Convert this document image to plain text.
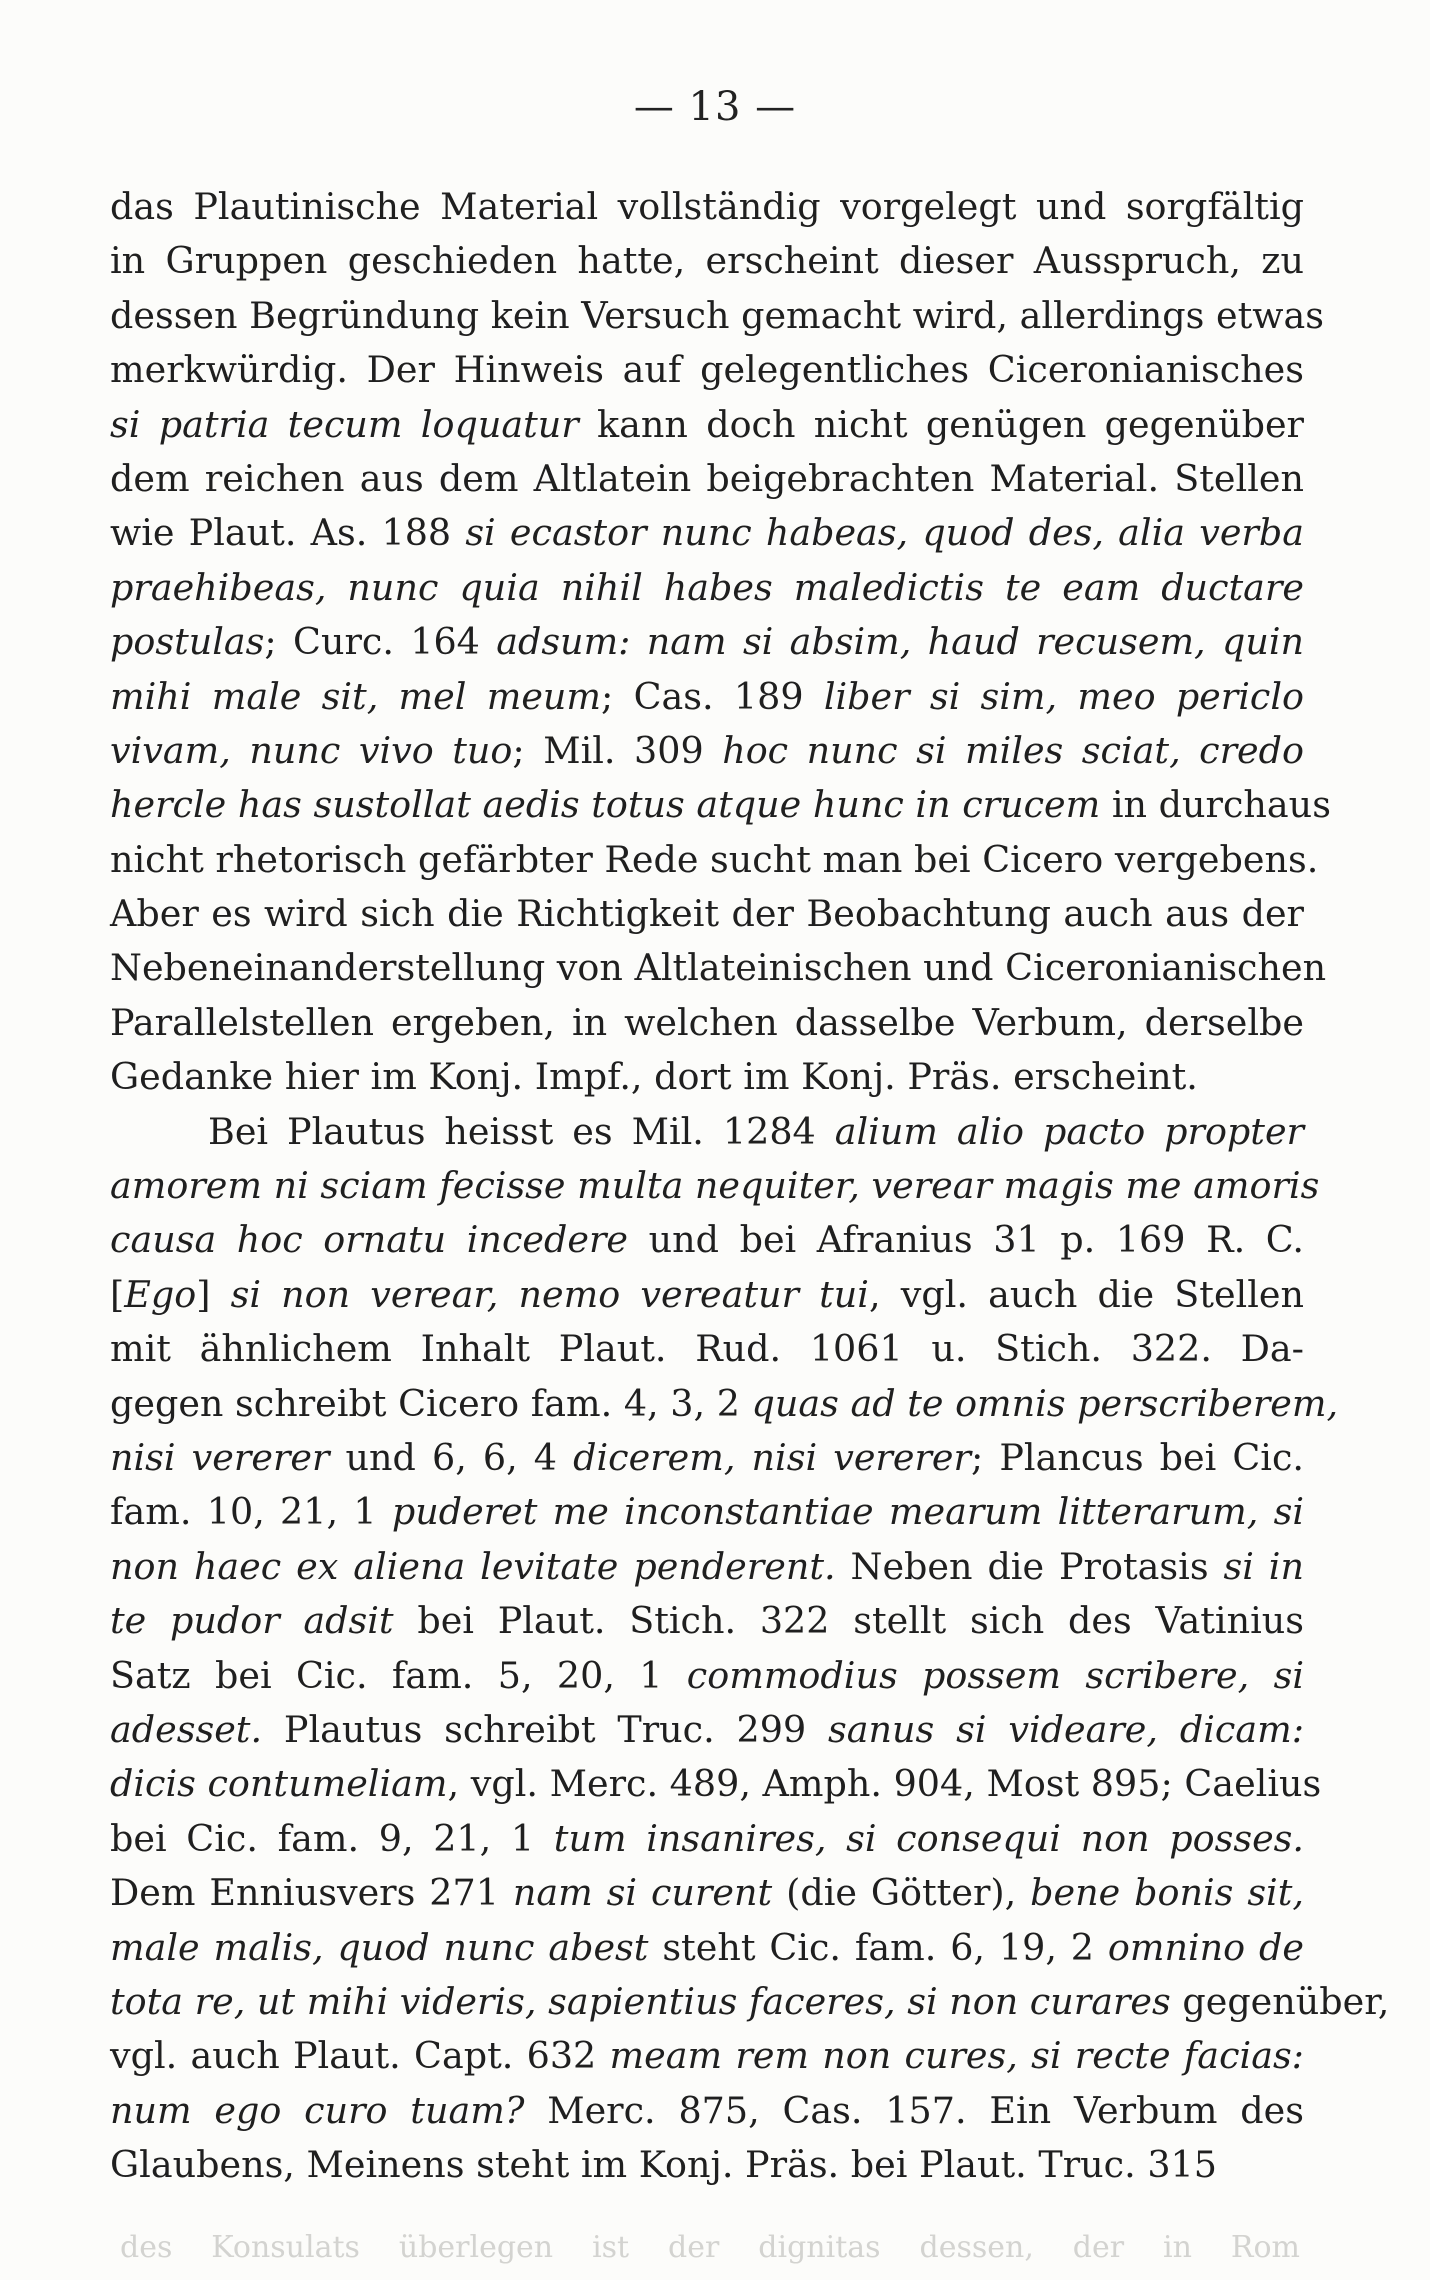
— 13 —
das Plautinische Material vollständig vorgelegt und sorgfältig
in Gruppen geschieden hatte, erscheint dieser Ausspruch, zu
dessen Begründung kein Versuch gemacht wird, allerdings etwas
merkwürdig. Der Hinweis auf gelegentliches Ciceronianisches
si patria tecum loquatur kann doch nicht genügen gegenüber
dem reichen aus dem Altlatein beigebrachten Material. Stellen
wie Plaut. As. 188 si ecastor nunc habeas, quod des, alia verba
praehibeas, nunc quia nihil habes maledictis te eam ductare
postulas; Curc. 164 adsum: nam si absim, haud recusem, quin
mihi male sit, mel meum; Cas. 189 liber si sim, meo periclo
vivam, nunc vivo tuo; Mil. 309 hoc nunc si miles sciat, credo
hercle has sustollat aedis totus atque hunc in crucem in durchaus
nicht rhetorisch gefärbter Rede sucht man bei Cicero vergebens.
Aber es wird sich die Richtigkeit der Beobachtung auch aus der
Nebeneinanderstellung von Altlateinischen und Ciceronianischen
Parallelstellen ergeben, in welchen dasselbe Verbum, derselbe
Gedanke hier im Konj. Impf., dort im Konj. Präs. erscheint.
Bei Plautus heisst es Mil. 1284 alium alio pacto propter
amorem ni sciam fecisse multa nequiter, verear magis me amoris
causa hoc ornatu incedere und bei Afranius 31 p. 169 R. C.
[Ego] si non verear, nemo vereatur tui, vgl. auch die Stellen
mit ähnlichem Inhalt Plaut. Rud. 1061 u. Stich. 322. Da-
gegen schreibt Cicero fam. 4, 3, 2 quas ad te omnis perscriberem,
nisi vererer und 6, 6, 4 dicerem, nisi vererer; Plancus bei Cic.
fam. 10, 21, 1 puderet me inconstantiae mearum litterarum, si
non haec ex aliena levitate penderent. Neben die Protasis si in
te pudor adsit bei Plaut. Stich. 322 stellt sich des Vatinius
Satz bei Cic. fam. 5, 20, 1 commodius possem scribere, si
adesset. Plautus schreibt Truc. 299 sanus si videare, dicam:
dicis contumeliam, vgl. Merc. 489, Amph. 904, Most 895; Caelius
bei Cic. fam. 9, 21, 1 tum insanires, si consequi non posses.
Dem Enniusvers 271 nam si curent (die Götter), bene bonis sit,
male malis, quod nunc abest steht Cic. fam. 6, 19, 2 omnino de
tota re, ut mihi videris, sapientius faceres, si non curares gegenüber,
vgl. auch Plaut. Capt. 632 meam rem non cures, si recte facias:
num ego curo tuam? Merc. 875, Cas. 157. Ein Verbum des
Glaubens, Meinens steht im Konj. Präs. bei Plaut. Truc. 315
des Konsulats überlegen ist der dignitas dessen, der in Rom
